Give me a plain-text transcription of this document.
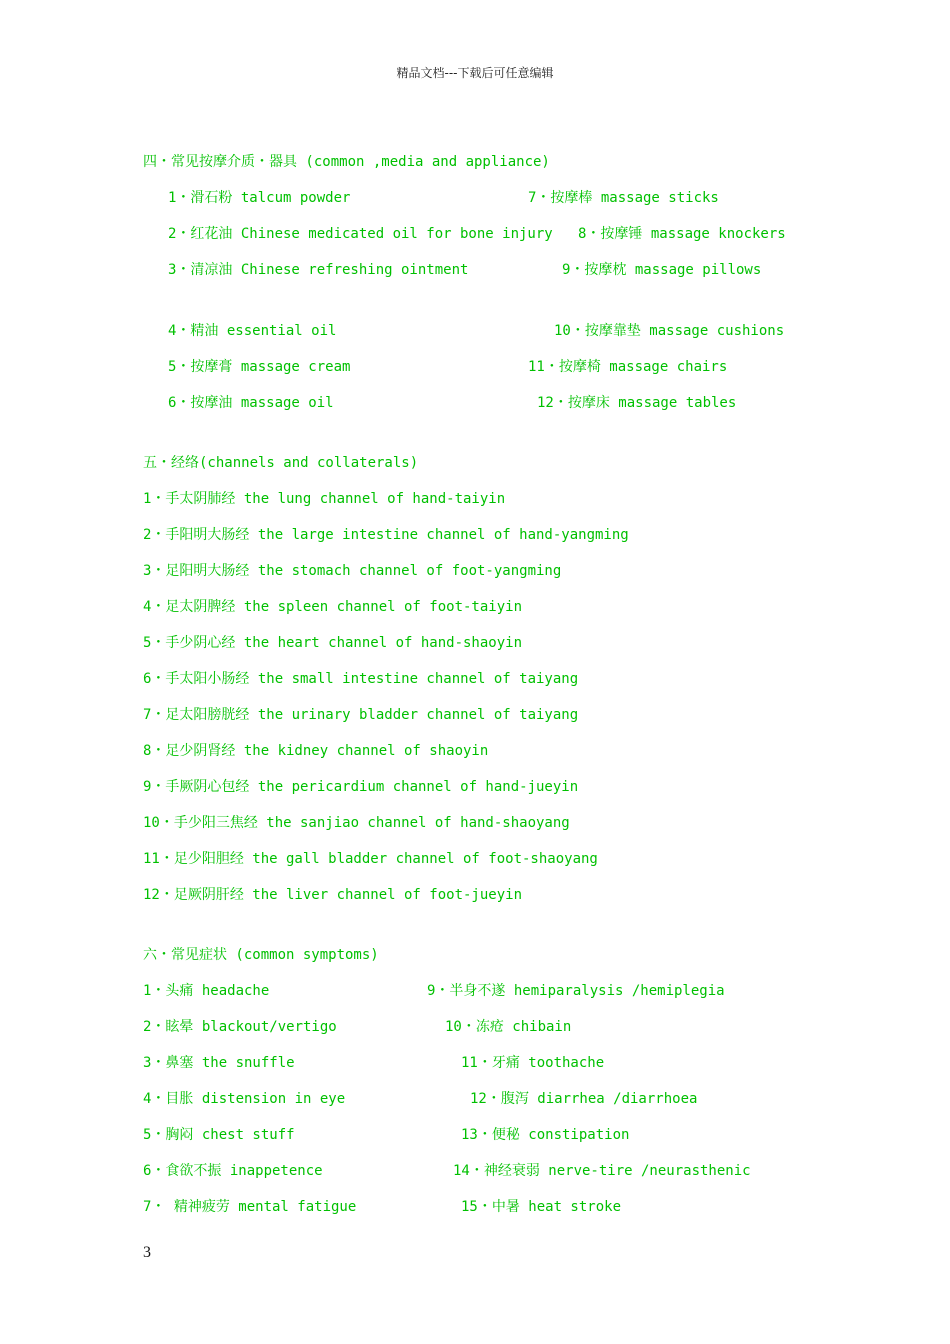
精品文档---下载后可任意编辑
四・常见按摩介质・器具 (common ,media and appliance)
1・滑石粉 talcum powder
2・红花油 Chinese medicated oil for bone injury
3・清凉油 Chinese refreshing ointment
4・精油 essential oil
5・按摩膏 massage cream
6・按摩油 massage oil
7・按摩棒 massage sticks
8・按摩锤 massage knockers
9・按摩枕 massage pillows
10・按摩靠垫 massage cushions
11・按摩椅 massage chairs
12・按摩床 massage tables
五・经络(channels and collaterals)
1・手太阴肺经 the lung channel of hand-taiyin
2・手阳明大肠经 the large intestine channel of hand-yangming
3・足阳明大肠经 the stomach channel of foot-yangming
4・足太阴脾经 the spleen channel of foot-taiyin
5・手少阴心经 the heart channel of hand-shaoyin
6・手太阳小肠经 the small intestine channel of taiyang
7・足太阳膀胱经 the urinary bladder channel of taiyang
8・足少阴肾经 the kidney channel of shaoyin
9・手厥阴心包经 the pericardium channel of hand-jueyin
10・手少阳三焦经 the sanjiao channel of hand-shaoyang
11・足少阳胆经 the gall bladder channel of foot-shaoyang
12・足厥阴肝经 the liver channel of foot-jueyin
六・常见症状 (common symptoms)
1・头痛 headache
2・眩晕 blackout/vertigo
3・鼻塞 the snuffle
4・目胀 distension in eye
5・胸闷 chest stuff
6・食欲不振 inappetence
7・ 精神疲劳 mental fatigue
9・半身不遂 hemiparalysis /hemiplegia
10・冻疮 chibain
11・牙痛 toothache
12・腹泻 diarrhea /diarrhoea
13・便秘 constipation
14・神经衰弱 nerve-tire /neurasthenic
15・中暑 heat stroke
3
